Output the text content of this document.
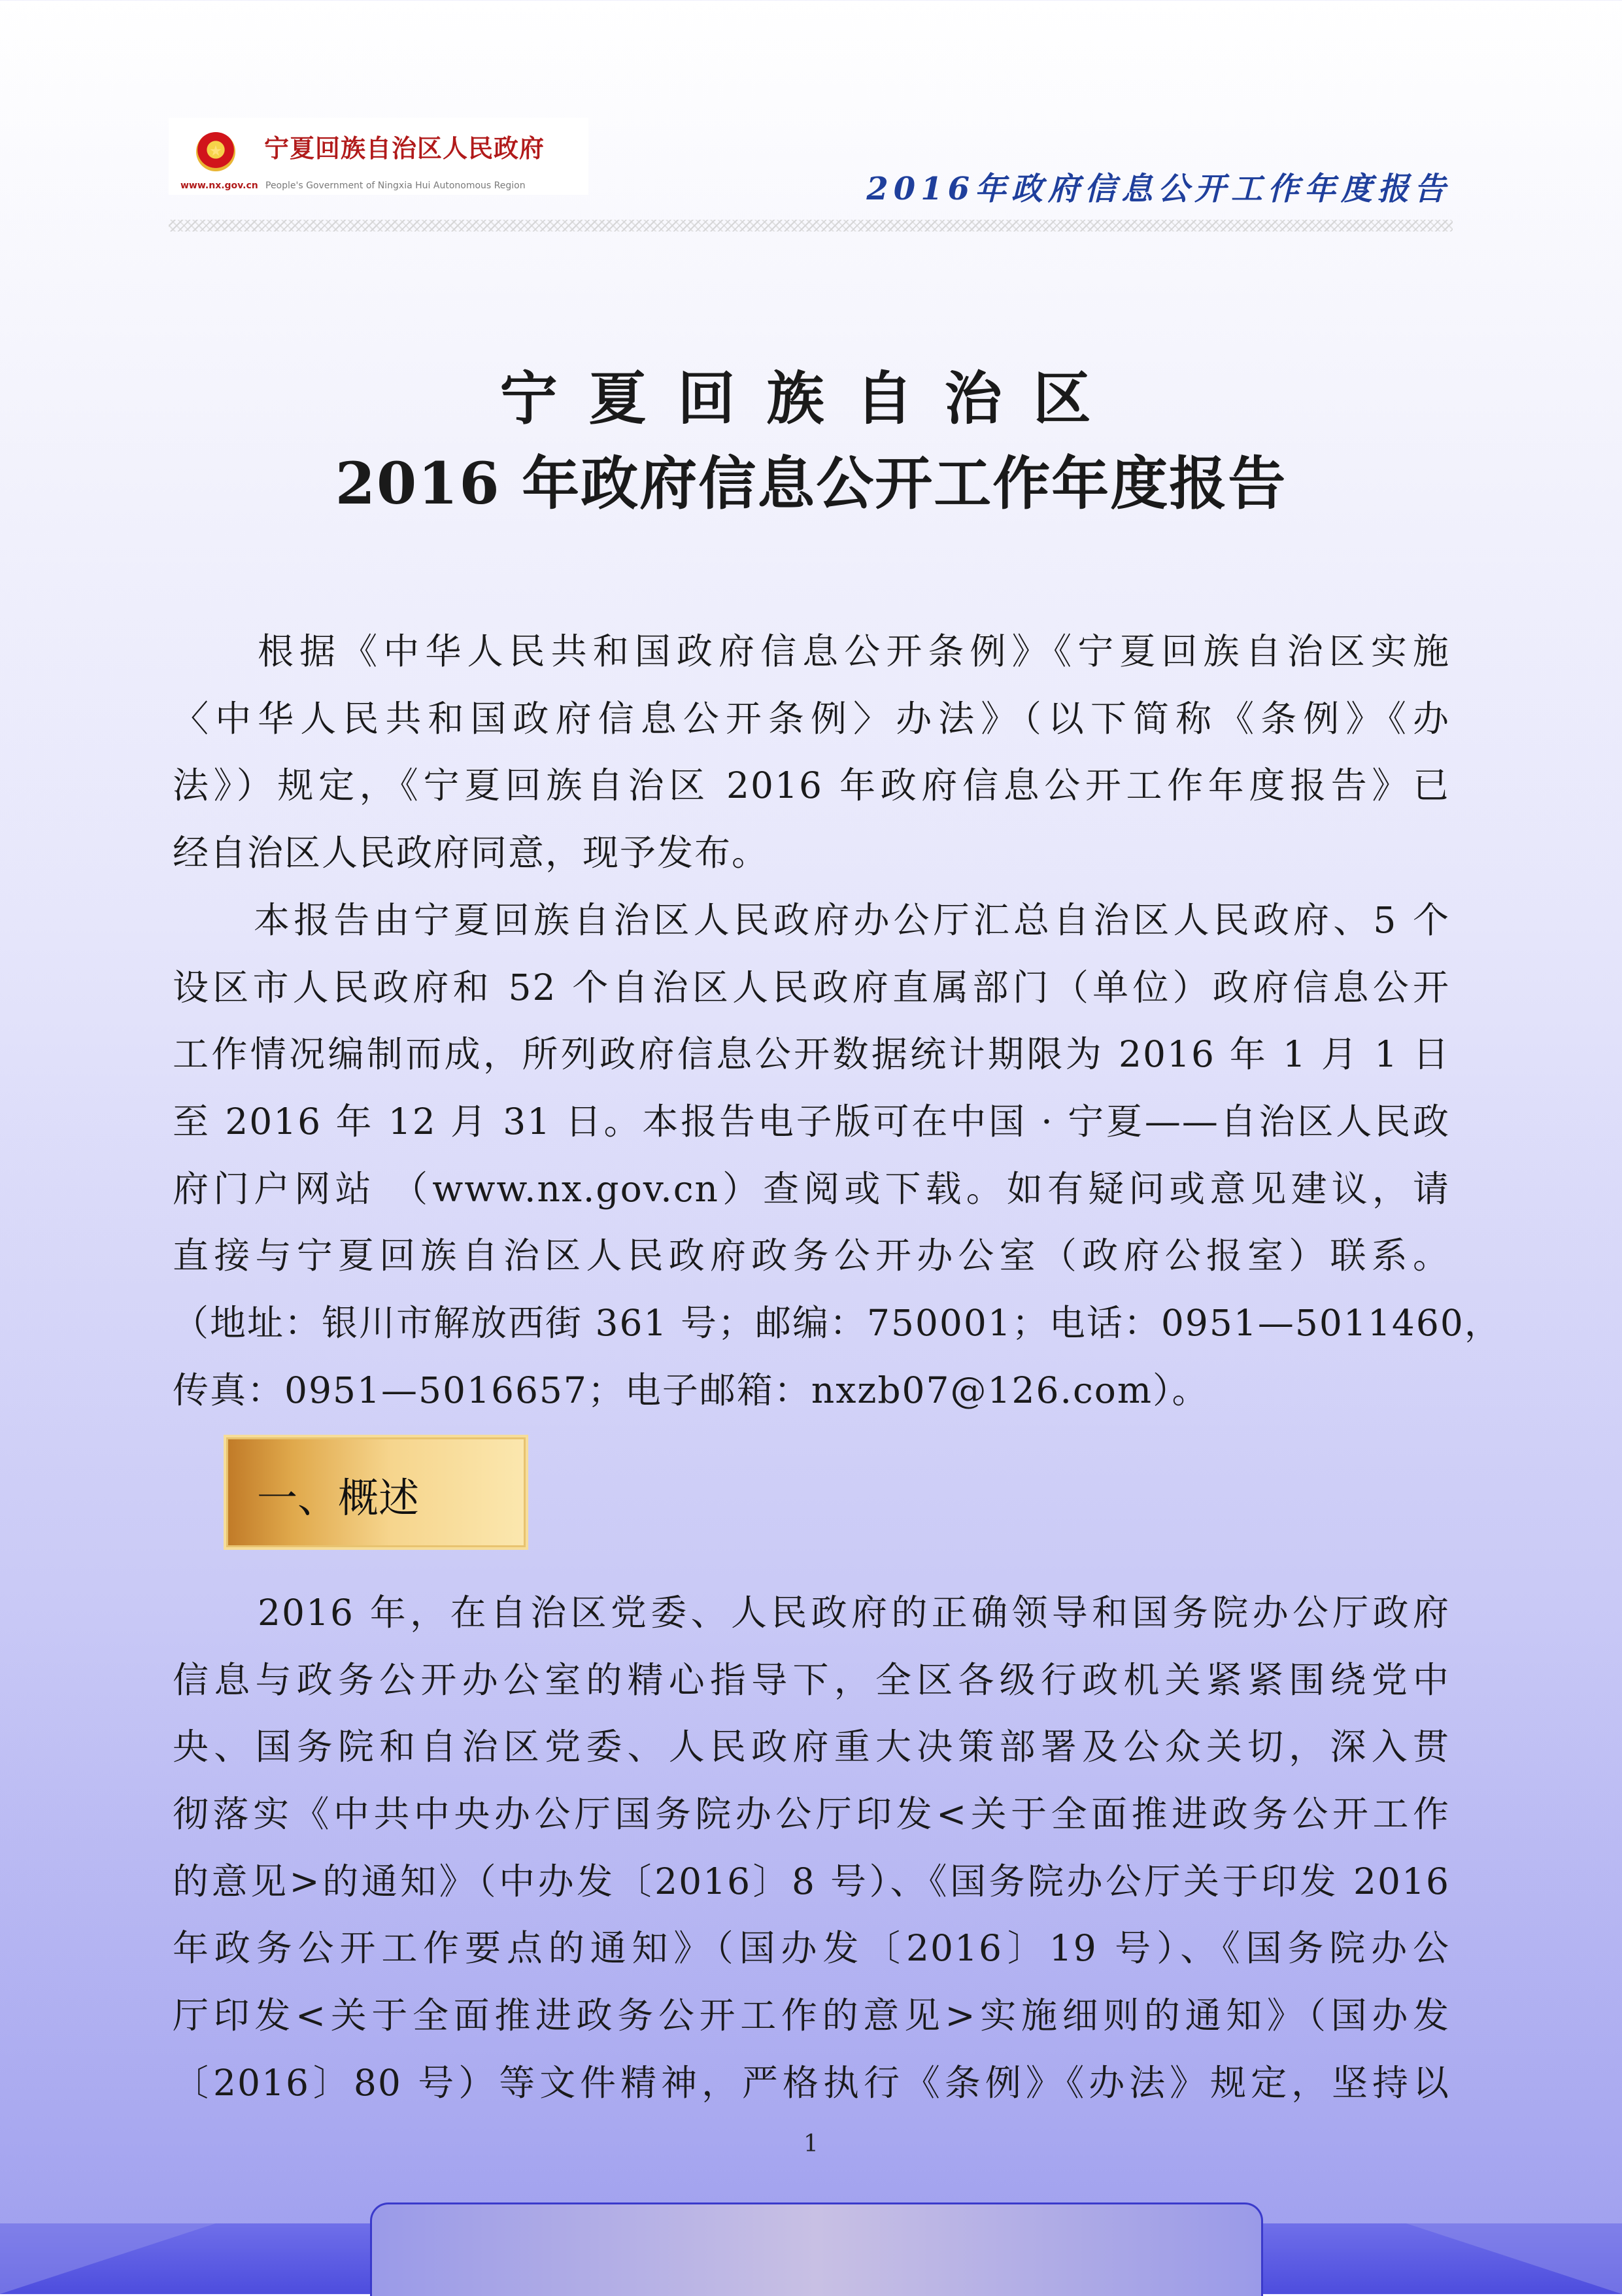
★	宁夏回族自治区人民政府
www.nx.gov.cn People's Government of Ningxia Hui Autonomous Region	2016年政府信息公开工作年度报告
宁夏回族自治区
2016 年政府信息公开工作年度报告
根据《中华人民共和国政府信息公开条例》《宁夏回族自治区实施
〈中华人民共和国政府信息公开条例〉办法》（以下简称《条例》《办
法》）规定，《宁夏回族自治区 2016 年政府信息公开工作年度报告》已
经自治区人民政府同意，现予发布。
本报告由宁夏回族自治区人民政府办公厅汇总自治区人民政府、5 个
设区市人民政府和 52 个自治区人民政府直属部门（单位）政府信息公开
工作情况编制而成，所列政府信息公开数据统计期限为 2016 年 1 月 1 日
至 2016 年 12 月 31 日。本报告电子版可在中国 · 宁夏——自治区人民政
府门户网站 （www.nx.gov.cn）查阅或下载。如有疑问或意见建议，请
直接与宁夏回族自治区人民政府政务公开办公室（政府公报室）联系。
（地址：银川市解放西街 361 号；邮编：750001；电话：0951—5011460，
传真：0951—5016657；电子邮箱：nxzb07@126.com）。
一、概述
2016 年，在自治区党委、人民政府的正确领导和国务院办公厅政府
信息与政务公开办公室的精心指导下，全区各级行政机关紧紧围绕党中
央、国务院和自治区党委、人民政府重大决策部署及公众关切，深入贯
彻落实《中共中央办公厅国务院办公厅印发<关于全面推进政务公开工作
的意见>的通知》（中办发〔2016〕8 号）、《国务院办公厅关于印发 2016
年政务公开工作要点的通知》（国办发〔2016〕19 号）、《国务院办公
厅印发<关于全面推进政务公开工作的意见>实施细则的通知》（国办发
〔2016〕80 号）等文件精神，严格执行《条例》《办法》规定，坚持以
1
